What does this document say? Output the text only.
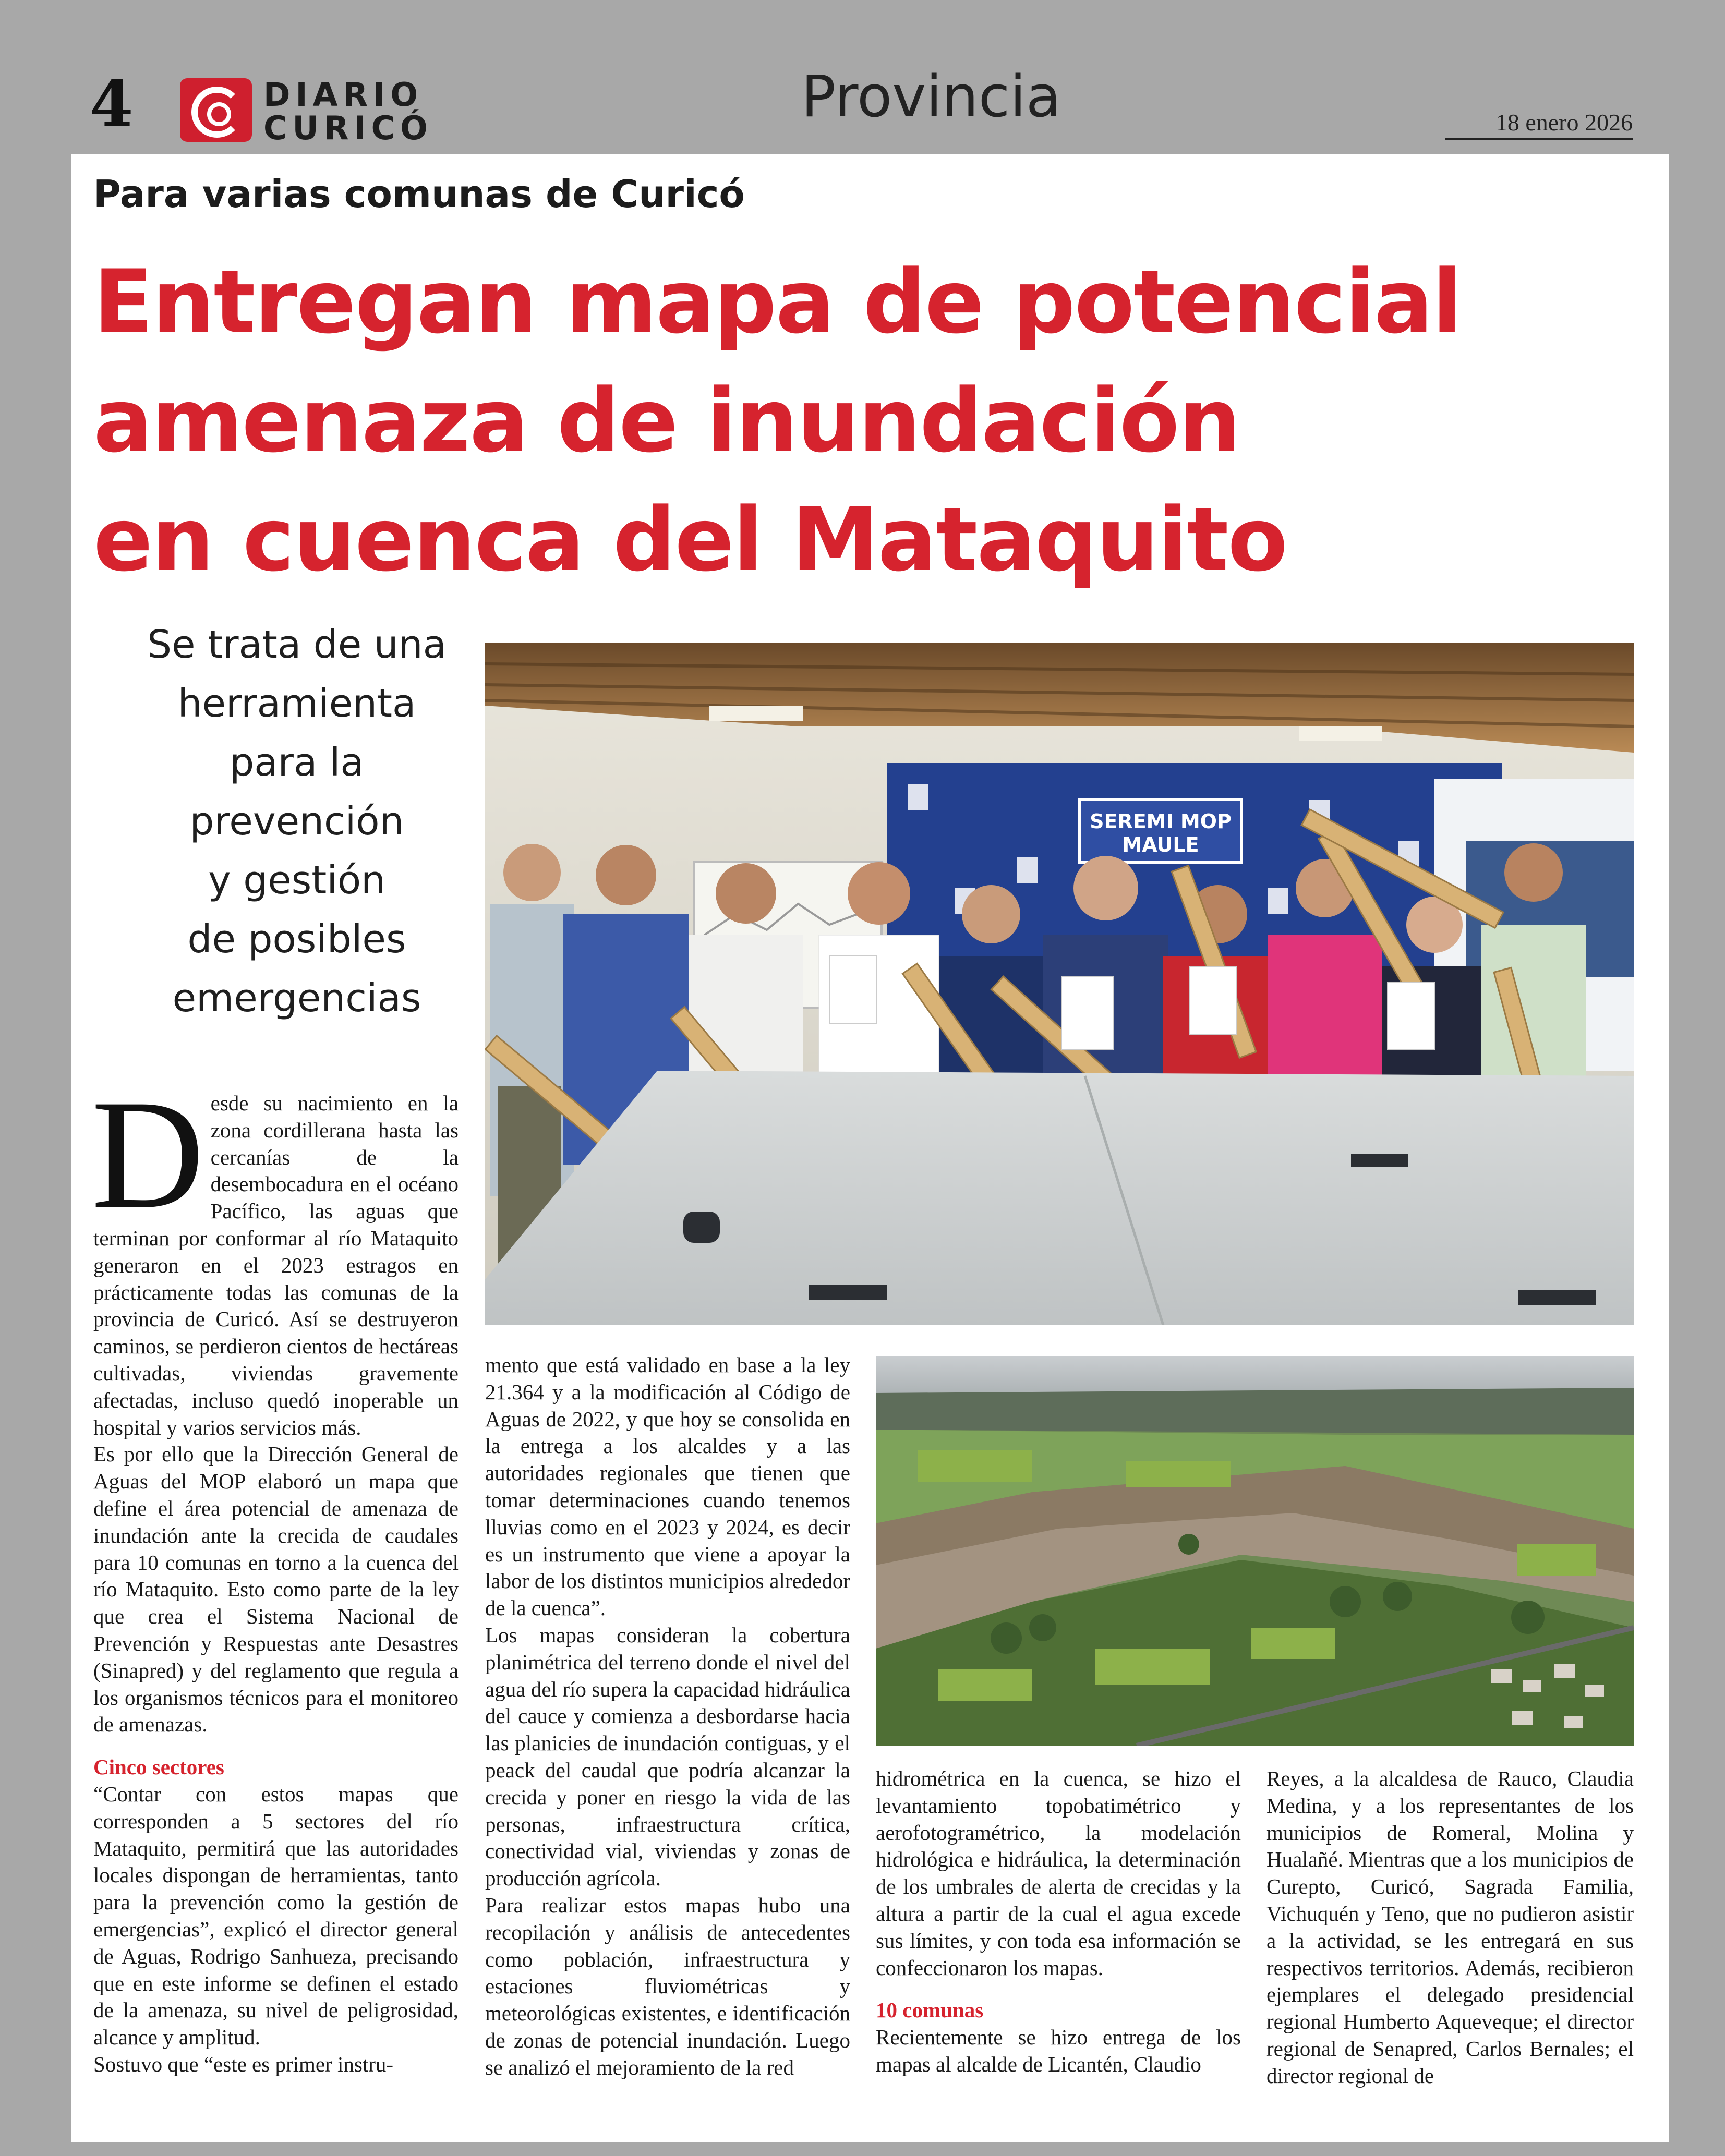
4	DIARIO
CURICÓ	Provincia	18 enero 2026
Para varias comunas de Curicó
Entregan mapa de potencial
amenaza de inundación
en cuenca del Mataquito
Se trata de una
herramienta
para la
prevención
y gestión
de posibles
emergencias
SEREMI MOP
MAULE

Desde su nacimiento en la zona cordillerana hasta las cercanías de la desembocadura en el océano Pacífico, las aguas que terminan por conformar al río Mataquito generaron en el 2023 estragos en prácticamente todas las comunas de la provincia de Curicó. Así se destruyeron caminos, se perdieron cientos de hectáreas cultivadas, viviendas gravemente afectadas, incluso quedó inoperable un hospital y varios servicios más.

Es por ello que la Dirección General de Aguas del MOP elaboró un mapa que define el área potencial de amenaza de inundación ante la crecida de caudales para 10 comunas en torno a la cuenca del río Mataquito. Esto como parte de la ley que crea el Sistema Nacional de Prevención y Respuestas ante Desastres (Sinapred) y del reglamento que regula a los organismos técnicos para el monitoreo de amenazas.

Cinco sectores

“Contar con estos mapas que corresponden a 5 sectores del río Mataquito, permitirá que las autoridades locales dispongan de herramientas, tanto para la prevención como la gestión de emergencias”, explicó el director general de Aguas, Rodrigo Sanhueza, precisando que en este informe se definen el estado de la amenaza, su nivel de peligrosidad, alcance y amplitud.

Sostuvo que “este es primer instru-

mento que está validado en base a la ley 21.364 y a la modificación al Código de Aguas de 2022, y que hoy se consolida en la entrega a los alcaldes y a las autoridades regionales que tienen que tomar determinaciones cuando tenemos lluvias como en el 2023 y 2024, es decir es un instrumento que viene a apoyar la labor de los distintos municipios alrededor de la cuenca”.

Los mapas consideran la cobertura planimétrica del terreno donde el nivel del agua del río supera la capacidad hidráulica del cauce y comienza a desbordarse hacia las planicies de inundación contiguas, y el peack del caudal que podría alcanzar la crecida y poner en riesgo la vida de las personas, infraestructura crítica, conectividad vial, viviendas y zonas de producción agrícola.

Para realizar estos mapas hubo una recopilación y análisis de antecedentes como población, infraestructura y estaciones fluviométricas y meteorológicas existentes, e identificación de zonas de potencial inundación. Luego se analizó el mejoramiento de la red

hidrométrica en la cuenca, se hizo el levantamiento topobatimétrico y aerofotogramétrico, la modelación hidrológica e hidráulica, la determinación de los umbrales de alerta de crecidas y la altura a partir de la cual el agua excede sus límites, y con toda esa información se confeccionaron los mapas.

10 comunas

Recientemente se hizo entrega de los mapas al alcalde de Licantén, Claudio

Reyes, a la alcaldesa de Rauco, Claudia Medina, y a los representantes de los municipios de Romeral, Molina y Hualañé. Mientras que a los municipios de Curepto, Curicó, Sagrada Familia, Vichuquén y Teno, que no pudieron asistir a la actividad, se les entregará en sus respectivos territorios. Además, recibieron ejemplares el delegado presidencial regional Humberto Aqueveque; el director regional de Senapred, Carlos Bernales; el director regional de
